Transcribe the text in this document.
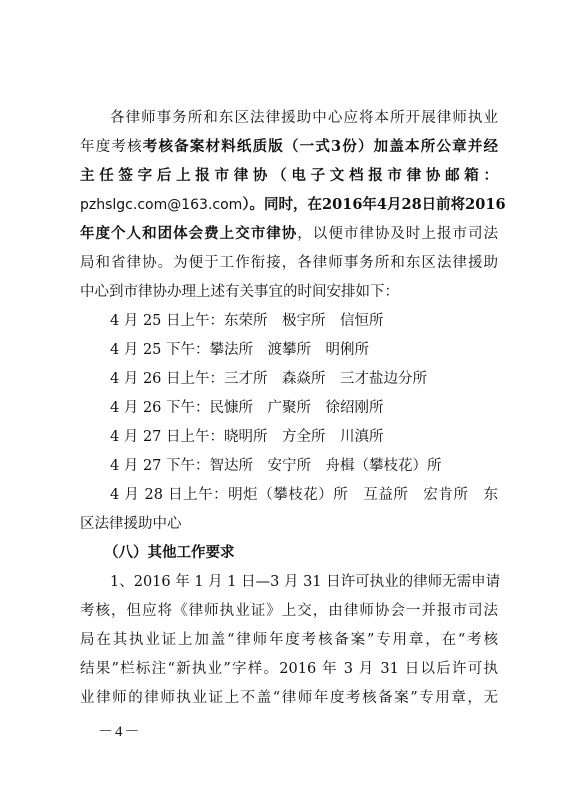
各律师事务所和东区法律援助中心应将本所开展律师执业
年度考核考核备案材料纸质版（一式3份）加盖本所公章并经
主任签字后上报市律协（电子文档报市律协邮箱：
pzhslgc.com@163.com）。同时，在2016年4月28日前将2016
年度个人和团体会费上交市律协，以便市律协及时上报市司法
局和省律协。为便于工作衔接，各律师事务所和东区法律援助
中心到市律协办理上述有关事宜的时间安排如下：
4 月 25 日上午：东荣所　极宇所　信恒所
4 月 25 下午：攀法所　渡攀所　明俐所
4 月 26 日上午：三才所　森焱所　三才盐边分所
4 月 26 下午：民慷所　广聚所　徐绍刚所
4 月 27 日上午：晓明所　方全所　川滇所
4 月 27 下午：智达所　安宁所　舟楫（攀枝花）所
4 月 28 日上午：明炬（攀枝花）所　互益所　宏肯所　东
区法律援助中心
（八）其他工作要求
1、2016 年 1 月 1 日—3 月 31 日许可执业的律师无需申请
考核，但应将《律师执业证》上交，由律师协会一并报市司法
局在其执业证上加盖“律师年度考核备案”专用章，在“考核
结果”栏标注“新执业”字样。2016 年 3 月 31 日以后许可执
业律师的律师执业证上不盖“律师年度考核备案”专用章，无
－4－
